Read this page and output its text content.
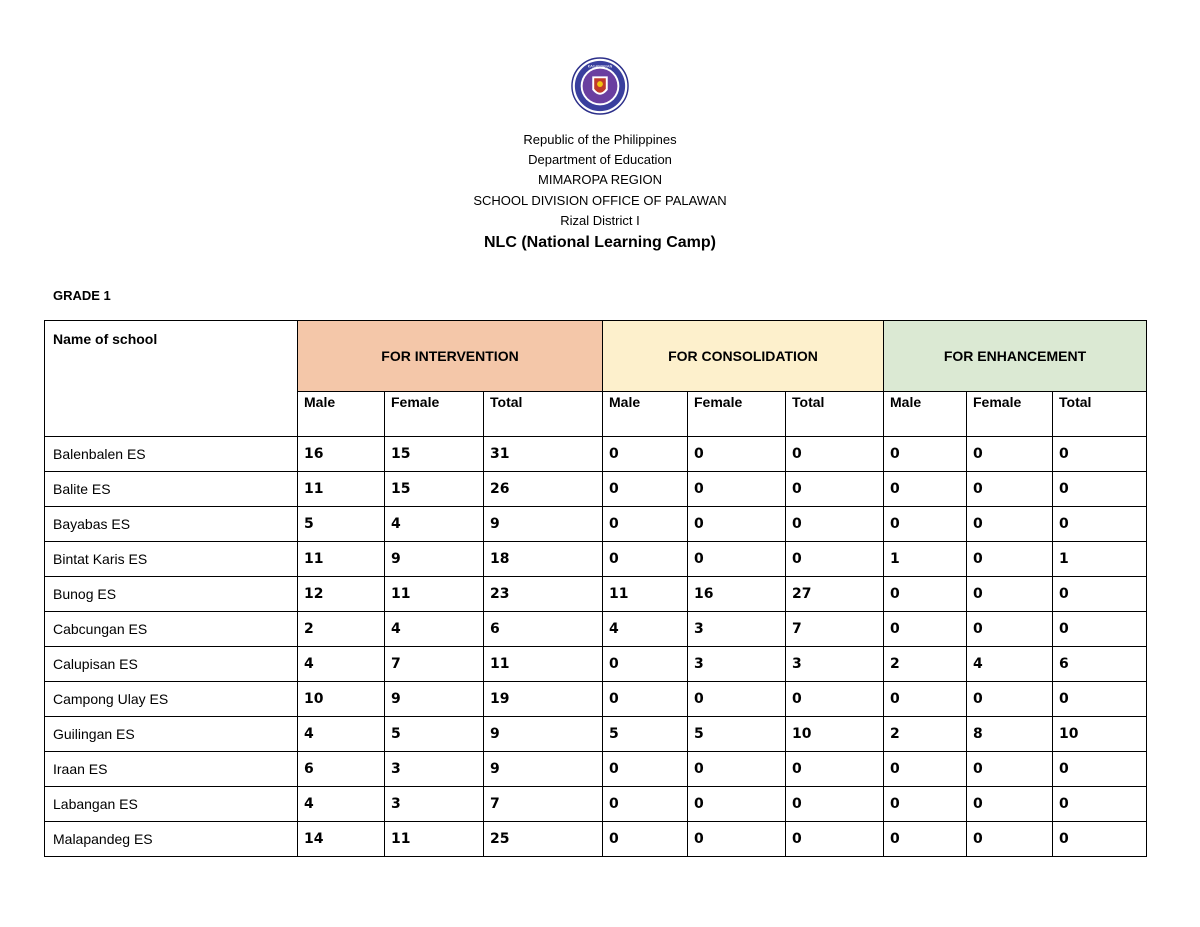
KAGAWARAN
Republic of the Philippines
Department of Education
MIMAROPA REGION
SCHOOL DIVISION OFFICE OF PALAWAN
Rizal District I
NLC (National Learning Camp)
GRADE 1
Name of school	FOR INTERVENTION			FOR CONSOLIDATION			FOR ENHANCEMENT		
	Male	Female	Total	Male	Female	Total	Male	Female	Total
Balenbalen ES	16	15	31	0	0	0	0	0	0
Balite ES	11	15	26	0	0	0	0	0	0
Bayabas ES	5	4	9	0	0	0	0	0	0
Bintat Karis ES	11	9	18	0	0	0	1	0	1
Bunog ES	12	11	23	11	16	27	0	0	0
Cabcungan ES	2	4	6	4	3	7	0	0	0
Calupisan ES	4	7	11	0	3	3	2	4	6
Campong Ulay ES	10	9	19	0	0	0	0	0	0
Guilingan ES	4	5	9	5	5	10	2	8	10
Iraan ES	6	3	9	0	0	0	0	0	0
Labangan ES	4	3	7	0	0	0	0	0	0
Malapandeg ES	14	11	25	0	0	0	0	0	0
